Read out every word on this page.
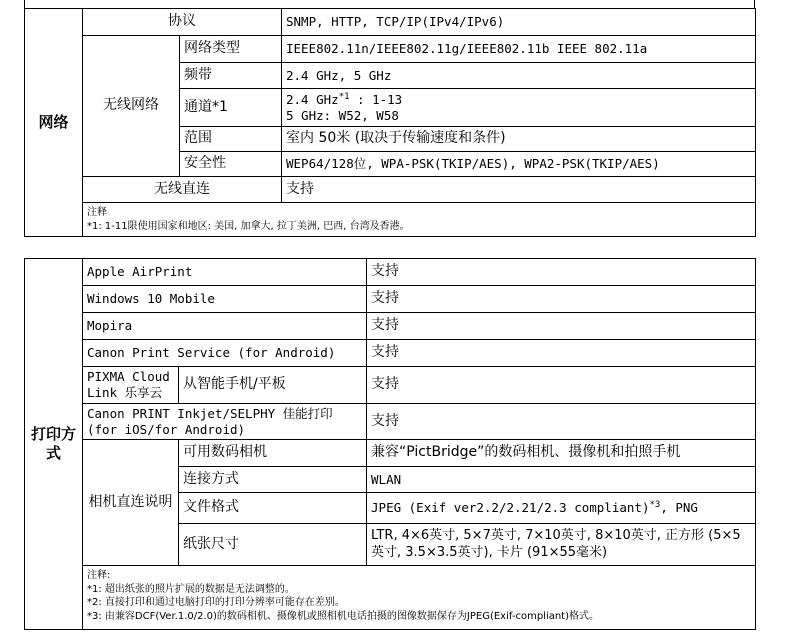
网络	协议		SNMP, HTTP, TCP/IP(IPv4/IPv6)
	无线网络	网络类型	IEEE802.11n/IEEE802.11g/IEEE802.11b IEEE 802.11a
		频带	2.4 GHz, 5 GHz
		通道*1	2.4 GHz$^{*1}$ : 1-13
5 GHz: W52, W58

		范围	室内 50米 (取决于传输速度和条件)
		安全性	WEP64/128位, WPA-PSK(TKIP/AES), WPA2-PSK(TKIP/AES)
	无线直连		支持

	注释
*1: 1-11限使用国家和地区: 美国, 加拿大, 拉丁美洲, 巴西, 台湾及香港。		
打印方式	Apple AirPrint		支持
	Windows 10 Mobile		支持
	Mopira		支持
	Canon Print Service (for Android)		支持
	PIXMA Cloud Link 乐享云	从智能手机/平板	支持
	Canon PRINT Inkjet/SELPHY 佳能打印 (for iOS/for Android)		支持
	相机直连说明	可用数码相机	兼容“PictBridge”的数码相机、摄像机和拍照手机
		连接方式	WLAN
		文件格式	JPEG (Exif ver2.2/2.21/2.3 compliant)$^{*3}$, PNG
		纸张尺寸	LTR, 4×6英寸, 5×7英寸, 7×10英寸, 8×10英寸, 正方形 (5×5英寸, 3.5×3.5英寸), 卡片 (91×55毫米)

	注释:
*1: 超出纸张的照片扩展的数据是无法调整的。
*2: 直接打印和通过电脑打印的打印分辨率可能存在差别。
*3: 由兼容DCF(Ver.1.0/2.0)的数码相机、摄像机或照相机电话拍摄的图像数据保存为JPEG(Exif-compliant)格式。		
